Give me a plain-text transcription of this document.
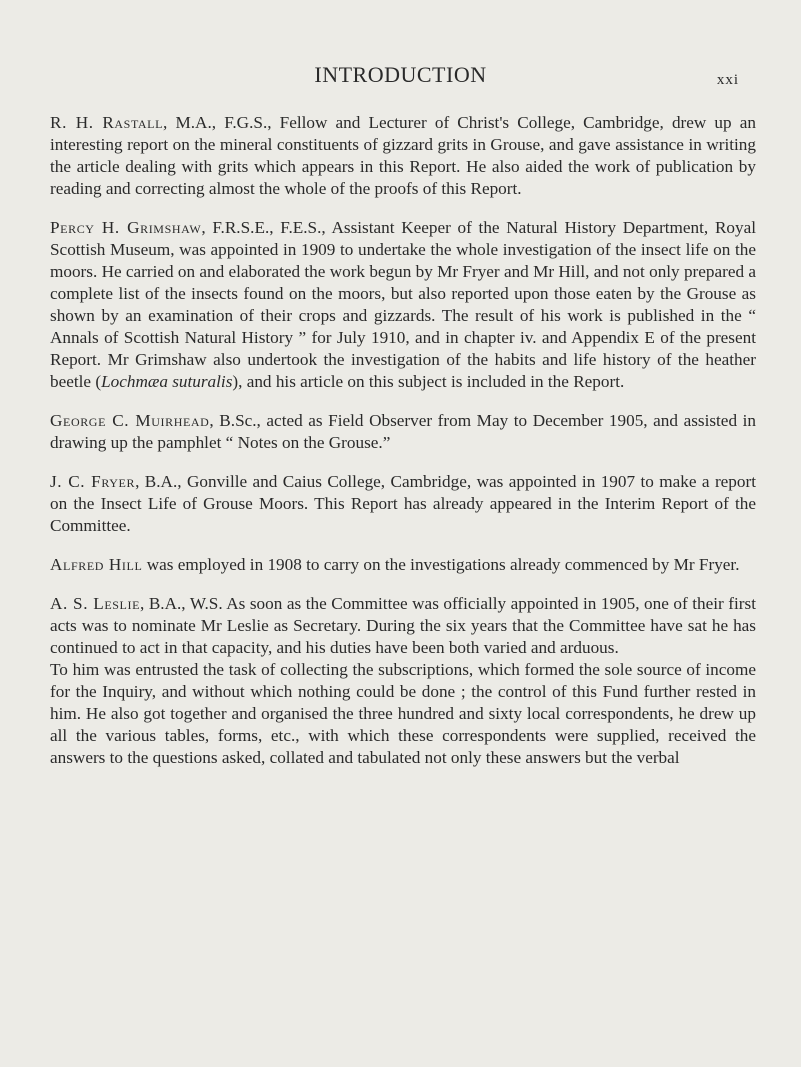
INTRODUCTION	xxi

R. H. Rastall, M.A., F.G.S., Fellow and Lecturer of Christ's College, Cambridge, drew up an interesting report on the mineral constituents of gizzard grits in Grouse, and gave assistance in writing the article dealing with grits which appears in this Report. He also aided the work of publication by reading and correcting almost the whole of the proofs of this Report.

Percy H. Grimshaw, F.R.S.E., F.E.S., Assistant Keeper of the Natural History Department, Royal Scottish Museum, was appointed in 1909 to undertake the whole investigation of the insect life on the moors. He carried on and elaborated the work begun by Mr Fryer and Mr Hill, and not only prepared a complete list of the insects found on the moors, but also reported upon those eaten by the Grouse as shown by an examination of their crops and gizzards. The result of his work is published in the “ Annals of Scottish Natural History ” for July 1910, and in chapter iv. and Appendix E of the present Report. Mr Grimshaw also undertook the investigation of the habits and life history of the heather beetle (Lochmæa suturalis), and his article on this subject is included in the Report.

George C. Muirhead, B.Sc., acted as Field Observer from May to December 1905, and assisted in drawing up the pamphlet “ Notes on the Grouse.”

J. C. Fryer, B.A., Gonville and Caius College, Cambridge, was appointed in 1907 to make a report on the Insect Life of Grouse Moors. This Report has already appeared in the Interim Report of the Committee.

Alfred Hill was employed in 1908 to carry on the investigations already commenced by Mr Fryer.

A. S. Leslie, B.A., W.S. As soon as the Committee was officially appointed in 1905, one of their first acts was to nominate Mr Leslie as Secretary. During the six years that the Committee have sat he has continued to act in that capacity, and his duties have been both varied and arduous.

To him was entrusted the task of collecting the subscriptions, which formed the sole source of income for the Inquiry, and without which nothing could be done ; the control of this Fund further rested in him. He also got together and organised the three hundred and sixty local correspondents, he drew up all the various tables, forms, etc., with which these correspondents were supplied, received the answers to the questions asked, collated and tabulated not only these answers but the verbal
